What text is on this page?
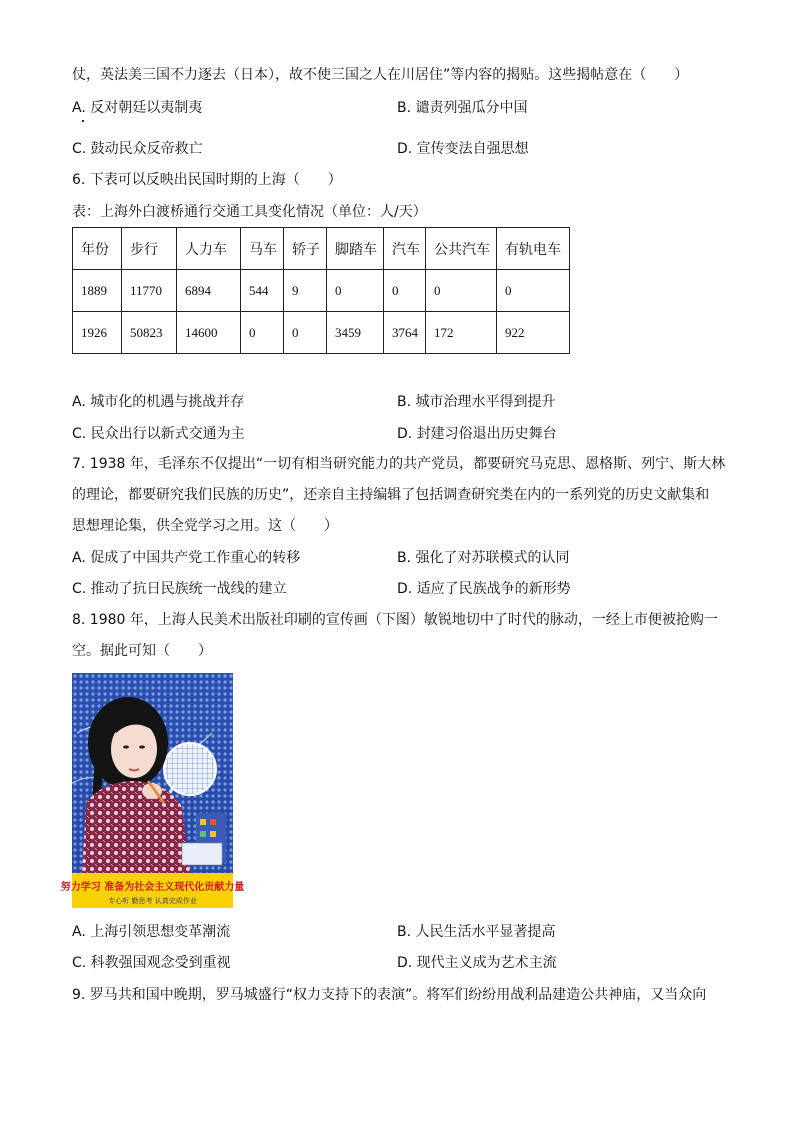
仗，英法美三国不力逐去（日本），故不使三国之人在川居住”等内容的揭贴。这些揭帖意在（　　）
A. 反对朝廷以夷制夷	B. 谴责列强瓜分中国
C. 鼓动民众反帝救亡	D. 宣传变法自强思想
6. 下表可以反映出民国时期的上海（　　）
表：上海外白渡桥通行交通工具变化情况（单位：人/天）
年份	步行	人力车	马车	轿子	脚踏车	汽车	公共汽车	有轨电车
1889	11770	6894	544	9	0	0	0	0
1926	50823	14600	0	0	3459	3764	172	922
A. 城市化的机遇与挑战并存	B. 城市治理水平得到提升
C. 民众出行以新式交通为主	D. 封建习俗退出历史舞台
7. 1938 年，毛泽东不仅提出“一切有相当研究能力的共产党员，都要研究马克思、恩格斯、列宁、斯大林
的理论，都要研究我们民族的历史”，还亲自主持编辑了包括调查研究类在内的一系列党的历史文献集和
思想理论集，供全党学习之用。这（　　）
A. 促成了中国共产党工作重心的转移	B. 强化了对苏联模式的认同
C. 推动了抗日民族统一战线的建立	D. 适应了民族战争的新形势
8. 1980 年，上海人民美术出版社印刷的宣传画（下图）敏锐地切中了时代的脉动，一经上市便被抢购一
空。据此可知（　　）
努力学习 准备为社会主义现代化贡献力量
专心听 勤思考 认真完成作业
A. 上海引领思想变革潮流	B. 人民生活水平显著提高
C. 科教强国观念受到重视	D. 现代主义成为艺术主流
9. 罗马共和国中晚期，罗马城盛行“权力支持下的表演”。将军们纷纷用战利品建造公共神庙，又当众向
